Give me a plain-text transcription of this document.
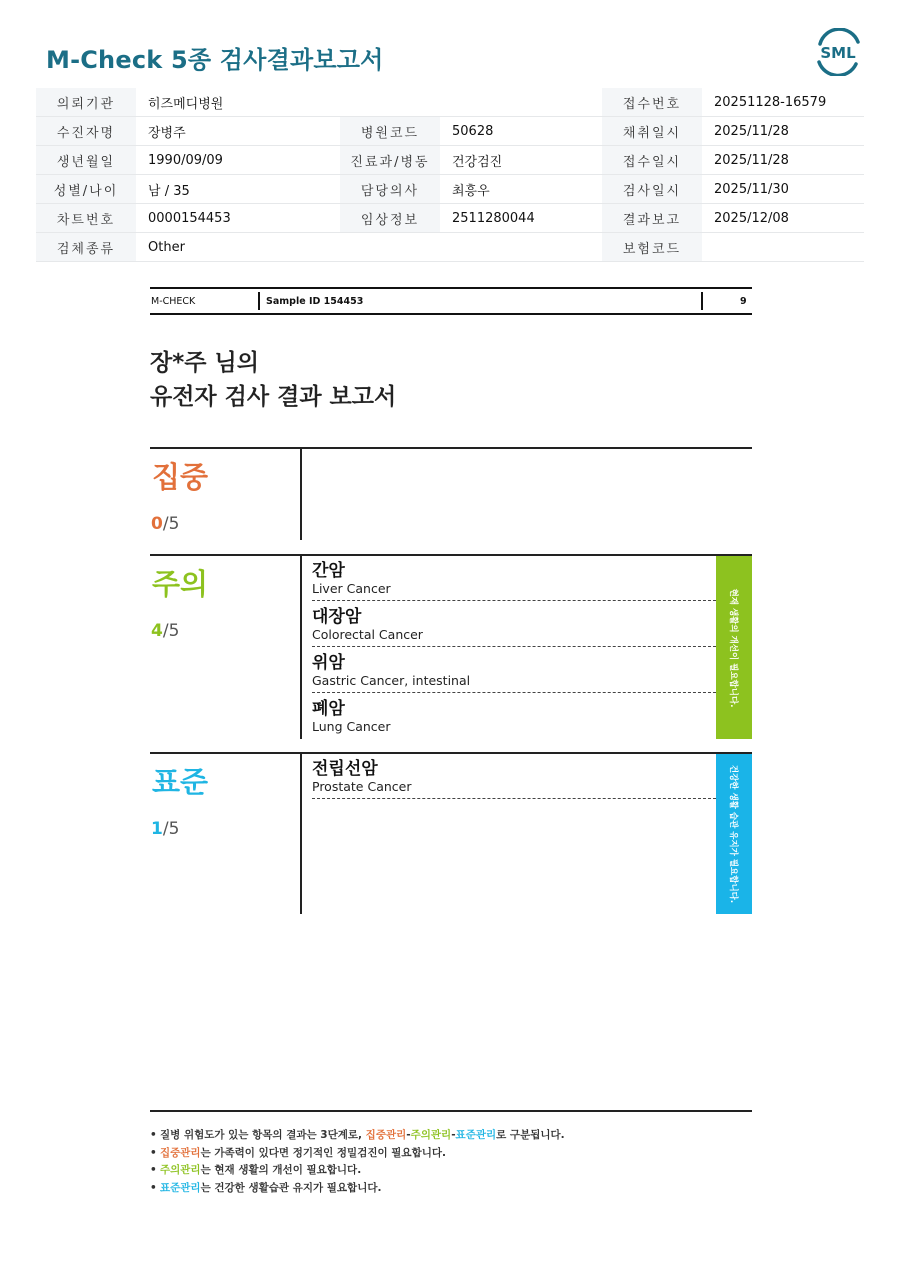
M-Check 5종 검사결과보고서	SML
의뢰기관	히즈메디병원			접수번호	20251128-16579
수진자명	장병주	병원코드	50628	채취일시	2025/11/28
생년월일	1990/09/09	진료과/병동	건강검진	접수일시	2025/11/28
성별/나이	남 / 35	담당의사	최흥우	검사일시	2025/11/30
차트번호	0000154453	임상정보	2511280044	결과보고	2025/12/08
검체종류	Other			보험코드	
M-CHECK	Sample ID 154453	9
장*주 님의
유전자 검사 결과 보고서
집중
0/5
주의
4/5
간암
Liver Cancer
대장암
Colorectal Cancer
위암
Gastric Cancer, intestinal
폐암
Lung Cancer
현재 생활의 개선이 필요합니다.
표준
1/5
전립선암
Prostate Cancer	건강한 생활 습관 유지가 필요합니다.
• 질병 위험도가 있는 항목의 결과는 3단계로, 집중관리-주의관리-표준관리로 구분됩니다.
• 집중관리는 가족력이 있다면 정기적인 정밀검진이 필요합니다.
• 주의관리는 현재 생활의 개선이 필요합니다.
• 표준관리는 건강한 생활습관 유지가 필요합니다.
